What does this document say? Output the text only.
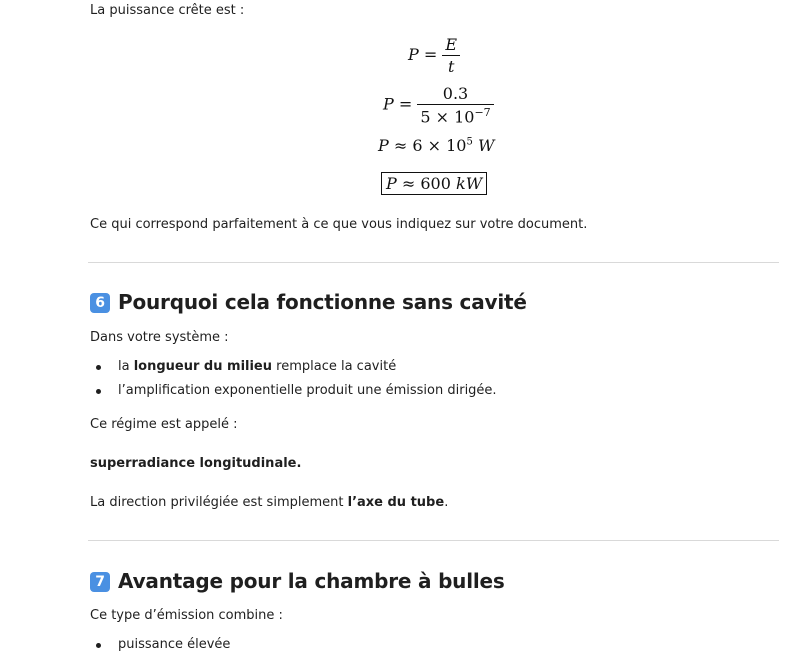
La puissance crête est :
$P = \frac{E}{t}$
$P = \frac{0.3}{5 \times 10^{-7}}$
$P \approx 6 \times 10^5$ W
P ≈ 600 kW
Ce qui correspond parfaitement à ce que vous indiquez sur votre document.
6 Pourquoi cela fonctionne sans cavité
Dans votre système :
la longueur du milieu remplace la cavité
l’amplification exponentielle produit une émission dirigée.
Ce régime est appelé :
superradiance longitudinale.
La direction privilégiée est simplement l’axe du tube.
7 Avantage pour la chambre à bulles
Ce type d’émission combine :
puissance élevée
